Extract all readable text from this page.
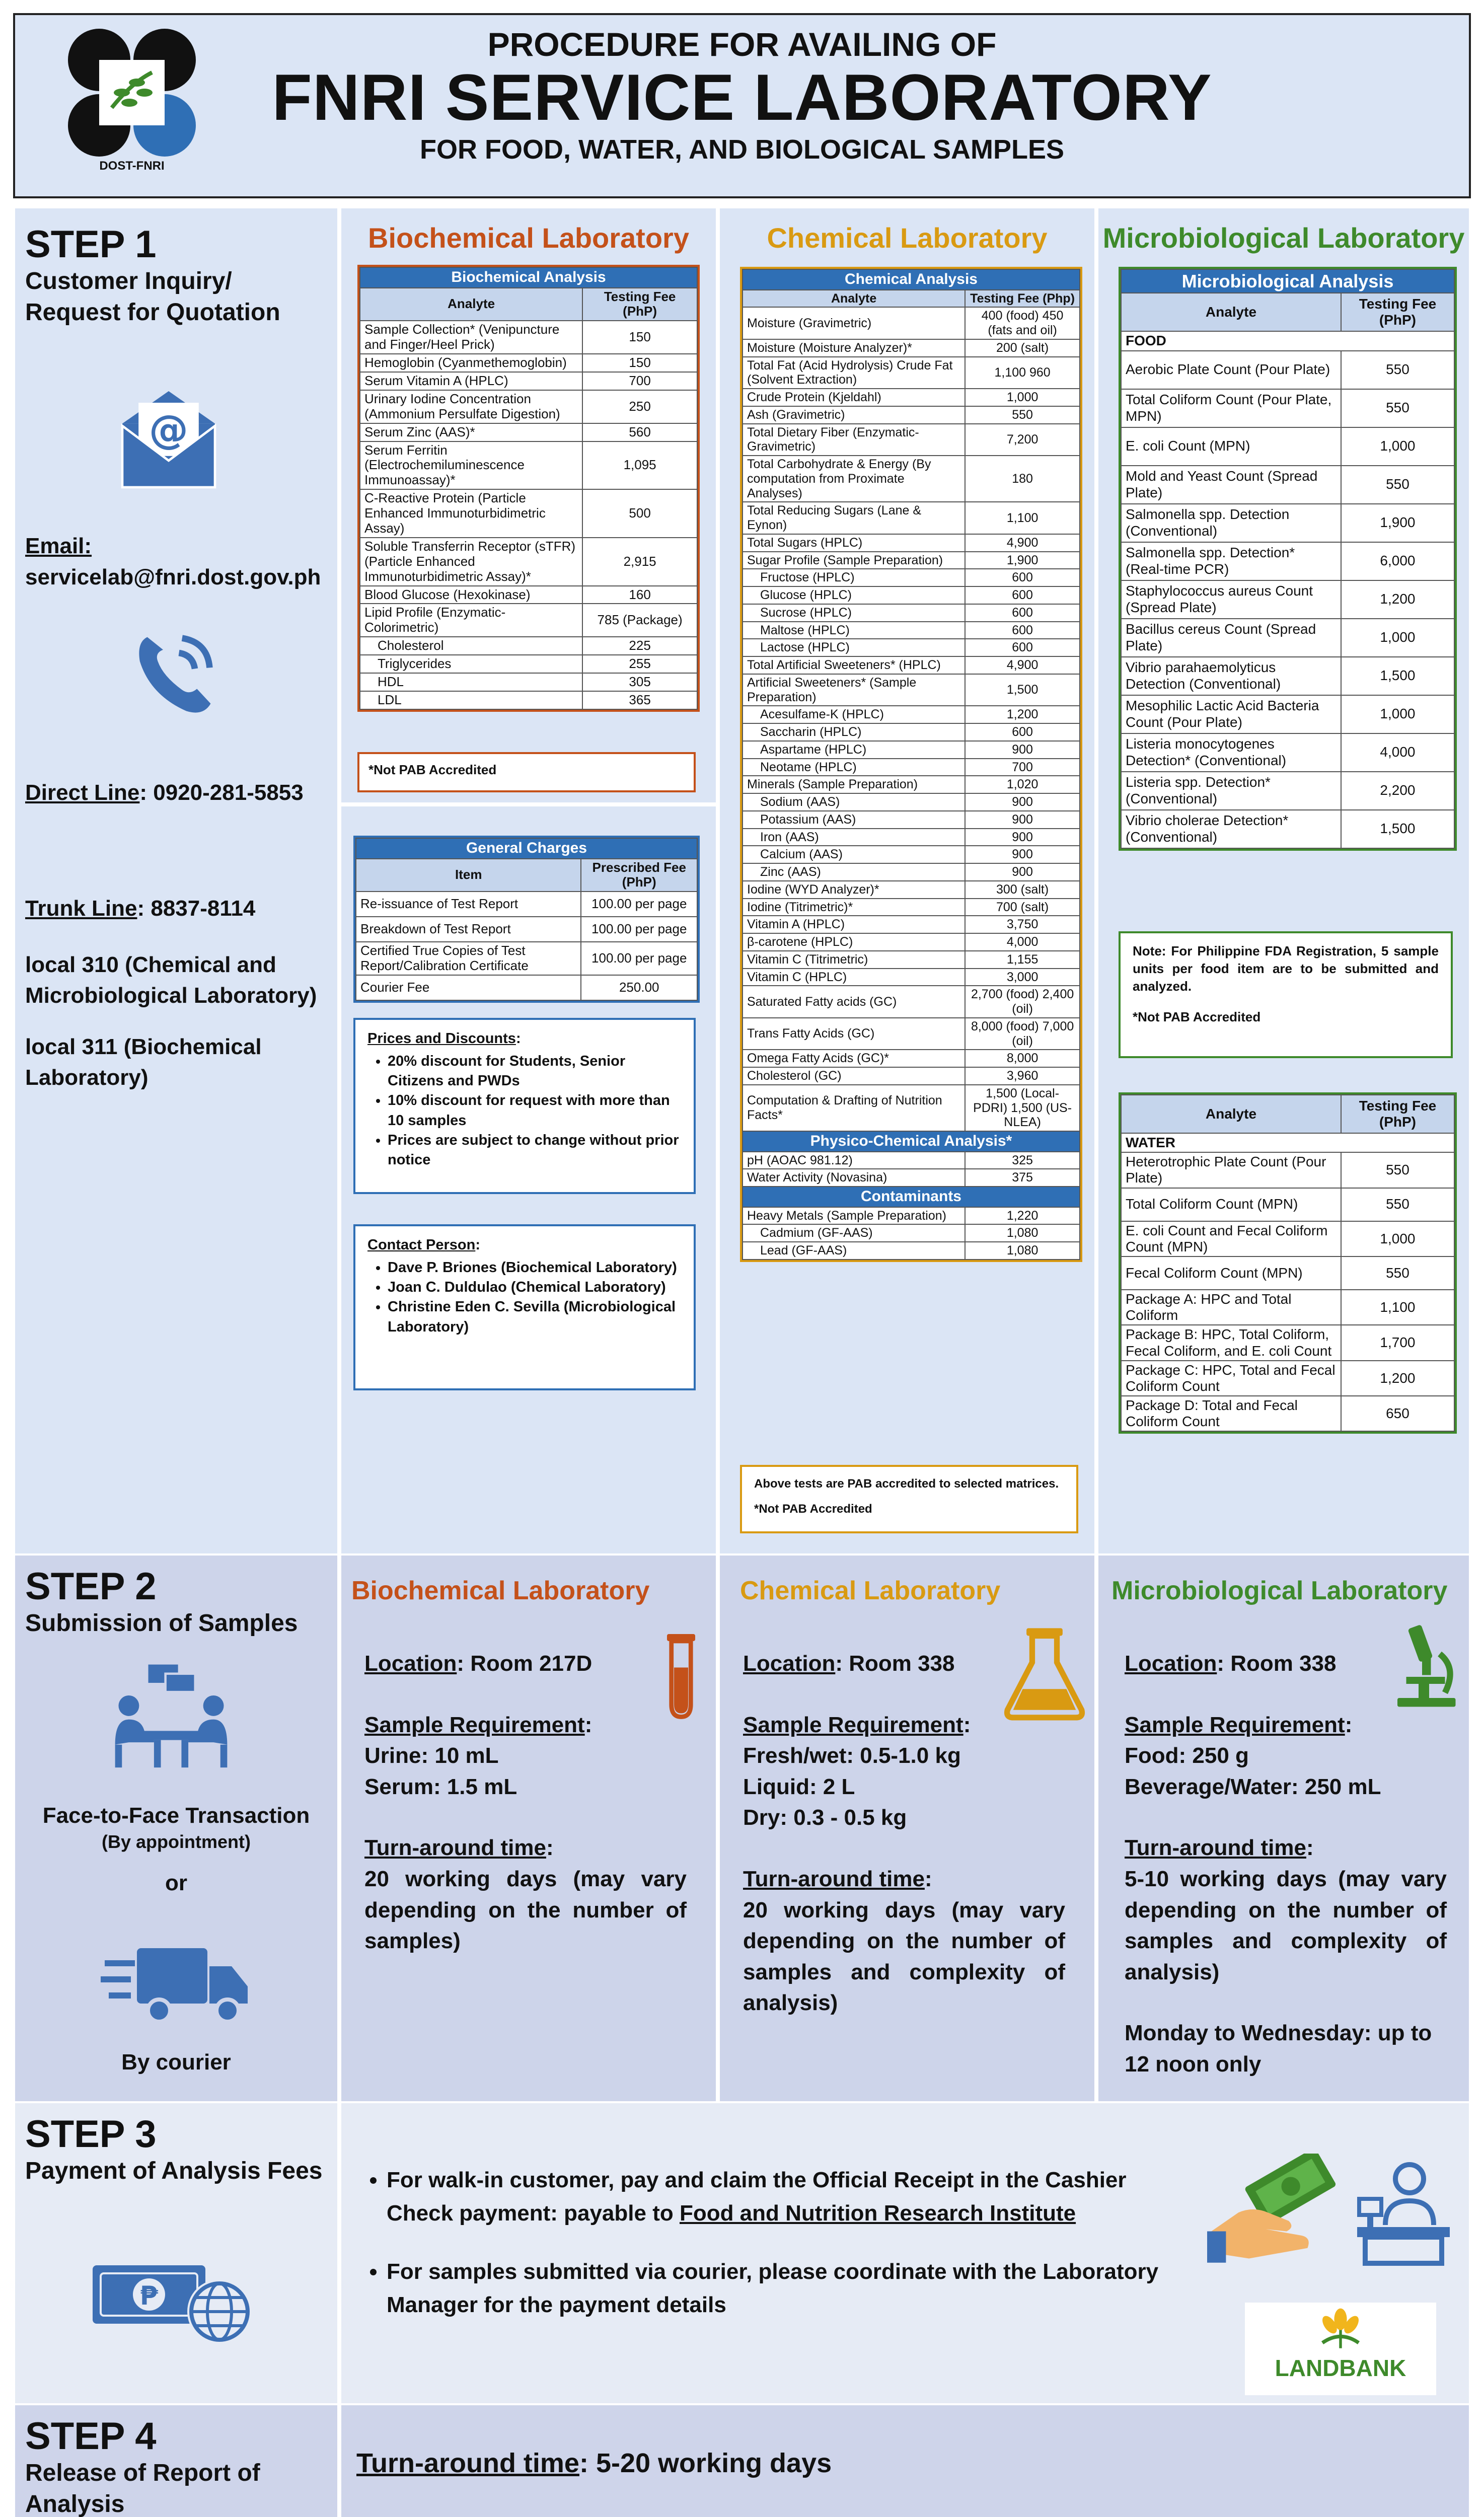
PROCEDURE FOR AVAILING OF
FNRI SERVICE LABORATORY
FOR FOOD, WATER, AND BIOLOGICAL SAMPLES
DOST-FNRI
STEP 1
Customer Inquiry/ Request for Quotation
@
Email:
servicelab@fnri.dost.gov.ph
Direct Line: 0920-281-5853
Trunk Line: 8837-8114
local 310 (Chemical and Microbiological Laboratory)
local 311 (Biochemical Laboratory)
Biochemical Laboratory
Biochemical Analysis	
Analyte	Testing Fee (PhP)
Sample Collection* (Venipuncture and Finger/Heel Prick)	150
Hemoglobin (Cyanmethemoglobin)	150
Serum Vitamin A (HPLC)	700
Urinary Iodine Concentration (Ammonium Persulfate Digestion)	250
Serum Zinc (AAS)*	560
Serum Ferritin (Electrochemiluminescence Immunoassay)*	1,095
C-Reactive Protein (Particle Enhanced Immunoturbidimetric Assay)	500
Soluble Transferrin Receptor (sTFR) (Particle Enhanced Immunoturbidimetric Assay)*	2,915
Blood Glucose (Hexokinase)	160
Lipid Profile (Enzymatic-Colorimetric)	785 (Package)
Cholesterol	225
Triglycerides	255
HDL	305
LDL	365
*Not PAB Accredited
General Charges	
Item	Prescribed Fee (PhP)
Re-issuance of Test Report	100.00 per page
Breakdown of Test Report	100.00 per page
Certified True Copies of Test Report/Calibration Certificate	100.00 per page
Courier Fee	250.00
Prices and Discounts:
• 20% discount for Students, Senior Citizens and PWDs
• 10% discount for request with more than 10 samples
• Prices are subject to change without prior notice
Contact Person:
• Dave P. Briones (Biochemical Laboratory)
• Joan C. Duldulao (Chemical Laboratory)
• Christine Eden C. Sevilla (Microbiological Laboratory)
Chemical Laboratory
Chemical Analysis	
Analyte	Testing Fee (Php)
Moisture (Gravimetric)	400 (food) 450 (fats and oil)
Moisture (Moisture Analyzer)*	200 (salt)
Total Fat (Acid Hydrolysis) Crude Fat (Solvent Extraction)	1,100 960
Crude Protein (Kjeldahl)	1,000
Ash (Gravimetric)	550
Total Dietary Fiber (Enzymatic-Gravimetric)	7,200
Total Carbohydrate & Energy (By computation from Proximate Analyses)	180
Total Reducing Sugars (Lane & Eynon)	1,100
Total Sugars (HPLC)	4,900
Sugar Profile (Sample Preparation)	1,900
Fructose (HPLC)	600
Glucose (HPLC)	600
Sucrose (HPLC)	600
Maltose (HPLC)	600
Lactose (HPLC)	600
Total Artificial Sweeteners* (HPLC)	4,900
Artificial Sweeteners* (Sample Preparation)	1,500
Acesulfame-K (HPLC)	1,200
Saccharin (HPLC)	600
Aspartame (HPLC)	900
Neotame (HPLC)	700
Minerals (Sample Preparation)	1,020
Sodium (AAS)	900
Potassium (AAS)	900
Iron (AAS)	900
Calcium (AAS)	900
Zinc (AAS)	900
Iodine (WYD Analyzer)*	300 (salt)
Iodine (Titrimetric)*	700 (salt)
Vitamin A (HPLC)	3,750
β-carotene (HPLC)	4,000
Vitamin C (Titrimetric)	1,155
Vitamin C (HPLC)	3,000
Saturated Fatty acids (GC)	2,700 (food) 2,400 (oil)
Trans Fatty Acids (GC)	8,000 (food) 7,000 (oil)
Omega Fatty Acids (GC)*	8,000
Cholesterol (GC)	3,960
Computation & Drafting of Nutrition Facts*	1,500 (Local-PDRI) 1,500 (US-NLEA)
Physico-Chemical Analysis*	
pH (AOAC 981.12)	325
Water Activity (Novasina)	375
Contaminants	
Heavy Metals (Sample Preparation)	1,220
Cadmium (GF-AAS)	1,080
Lead (GF-AAS)	1,080
Above tests are PAB accredited to selected matrices.
*Not PAB Accredited
Microbiological Laboratory
Microbiological Analysis	
Analyte	Testing Fee (PhP)
FOOD	
Aerobic Plate Count (Pour Plate)	550
Total Coliform Count (Pour Plate, MPN)	550
E. coli Count (MPN)	1,000
Mold and Yeast Count (Spread Plate)	550
Salmonella spp. Detection (Conventional)	1,900
Salmonella spp. Detection* (Real-time PCR)	6,000
Staphylococcus aureus Count (Spread Plate)	1,200
Bacillus cereus Count (Spread Plate)	1,000
Vibrio parahaemolyticus Detection (Conventional)	1,500
Mesophilic Lactic Acid Bacteria Count (Pour Plate)	1,000
Listeria monocytogenes Detection* (Conventional)	4,000
Listeria spp. Detection* (Conventional)	2,200
Vibrio cholerae Detection* (Conventional)	1,500
Note: For Philippine FDA Registration, 5 sample units per food item are to be submitted and analyzed.
*Not PAB Accredited
Analyte	Testing Fee (PhP)
WATER	
Heterotrophic Plate Count (Pour Plate)	550
Total Coliform Count (MPN)	550
E. coli Count and Fecal Coliform Count (MPN)	1,000
Fecal Coliform Count (MPN)	550
Package A: HPC and Total Coliform	1,100
Package B: HPC, Total Coliform, Fecal Coliform, and E. coli Count	1,700
Package C: HPC, Total and Fecal Coliform Count	1,200
Package D: Total and Fecal Coliform Count	650
STEP 2
Submission of Samples
Face-to-Face Transaction
(By appointment)
or
By courier
Biochemical Laboratory
Location: Room 217D
Sample Requirement:
Urine: 10 mL
Serum: 1.5 mL
Turn-around time:
20 working days (may vary depending on the number of samples)
Chemical Laboratory
Location: Room 338
Sample Requirement:
Fresh/wet: 0.5-1.0 kg
Liquid: 2 L
Dry: 0.3 - 0.5 kg
Turn-around time:
20 working days (may vary depending on the number of samples and complexity of analysis)
Microbiological Laboratory
Location: Room 338
Sample Requirement:
Food: 250 g
Beverage/Water: 250 mL
Turn-around time:
5-10 working days (may vary depending on the number of samples and complexity of analysis)
Monday to Wednesday: up to 12 noon only
STEP 3
Payment of Analysis Fees
₱
• For walk-in customer, pay and claim the Official Receipt in the Cashier
Check payment: payable to Food and Nutrition Research Institute
• For samples submitted via courier, please coordinate with the Laboratory Manager for the payment details
LANDBANK
STEP 4
Release of Report of Analysis
Turn-around time: 5-20 working days
